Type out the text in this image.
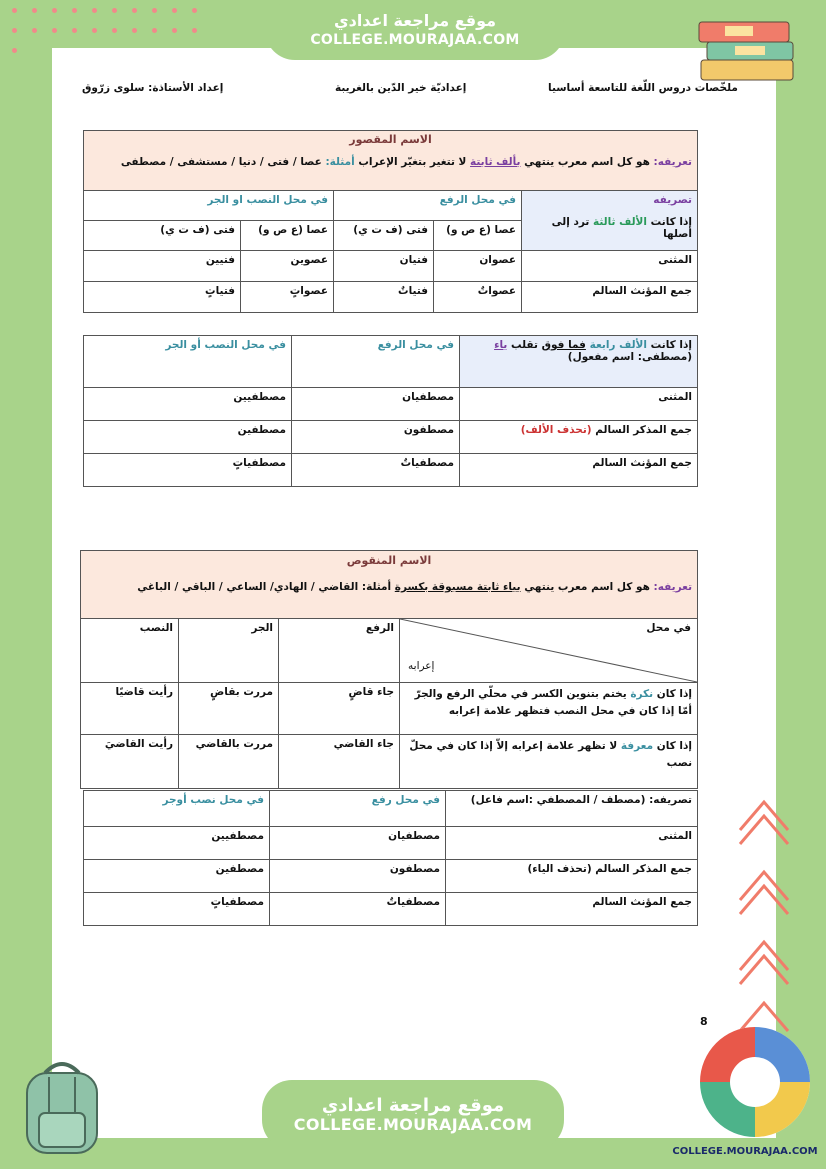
موقع مراجعة اعدادي
COLLEGE.MOURAJAA.COM
ملخّصات دروس اللّغة للتاسعة أساسيا
إعداديّة خير الدّين بالغريبة
إعداد الأستاذة: سلوى زرّوق
الاسم المقصور
تعريفه: هو كل اسم معرب ينتهي بألف ثابتة لا تتغير بتغيّر الإعراب أمثلة: عصا / فتى / دنيا / مستشفى / مصطفى				

تصريفه
إذا كانت الألف ثالثة ترد إلى أصلها	في محل الرفع		في محل النصب او الجر	
	عصا (ع ص و)	فتى (ف ت ي)	عصا (ع ص و)	فتى (ف ت ي)
المثنى	عصوان	فتيان	عصوين	فتيين
جمع المؤنث السالم	عصواتٌ	فتياتٌ	عصواتٍ	فتياتٍ
إذا كانت الألف رابعة فما فوق تقلب ياء
(مصطفى: اسم مفعول)	في محل الرفع	في محل النصب أو الجر
المثنى	مصطفيان	مصطفيين
جمع المذكر السالم (تحذف الألف)	مصطفون	مصطفين
جمع المؤنث السالم	مصطفياتٌ	مصطفياتٍ
الاسم المنقوص
تعريفه: هو كل اسم معرب ينتهي بياء ثابتة مسبوقة بكسرة أمثلة: القاضي / الهادي/ الساعي / الباقي / الباغي			

في محل
إعرابه	الرفع	الجر	النصب
إذا كان نكرة يختم بتنوين الكسر في محلّي الرفع والجرّ أمّا إذا كان في محل النصب فتظهر علامة إعرابه	جاء قاضٍ	مررت بقاضٍ	رأيت قاضيًا
إذا كان معرفة لا تظهر علامة إعرابه إلاّ إذا كان في محلّ نصب	جاء القاضي	مررت بالقاضي	رأيت القاضيَ
تصريفه: (مصطف / المصطفي :اسم فاعل)	في محل رفع	في محل نصب أوجر
المثنى	مصطفيان	مصطفيين
جمع المذكر السالم (تحذف الياء)	مصطفون	مصطفين
جمع المؤنث السالم	مصطفياتٌ	مصطفياتٍ
8
موقع مراجعة اعدادي
COLLEGE.MOURAJAA.COM
COLLEGE.MOURAJAA.COM
